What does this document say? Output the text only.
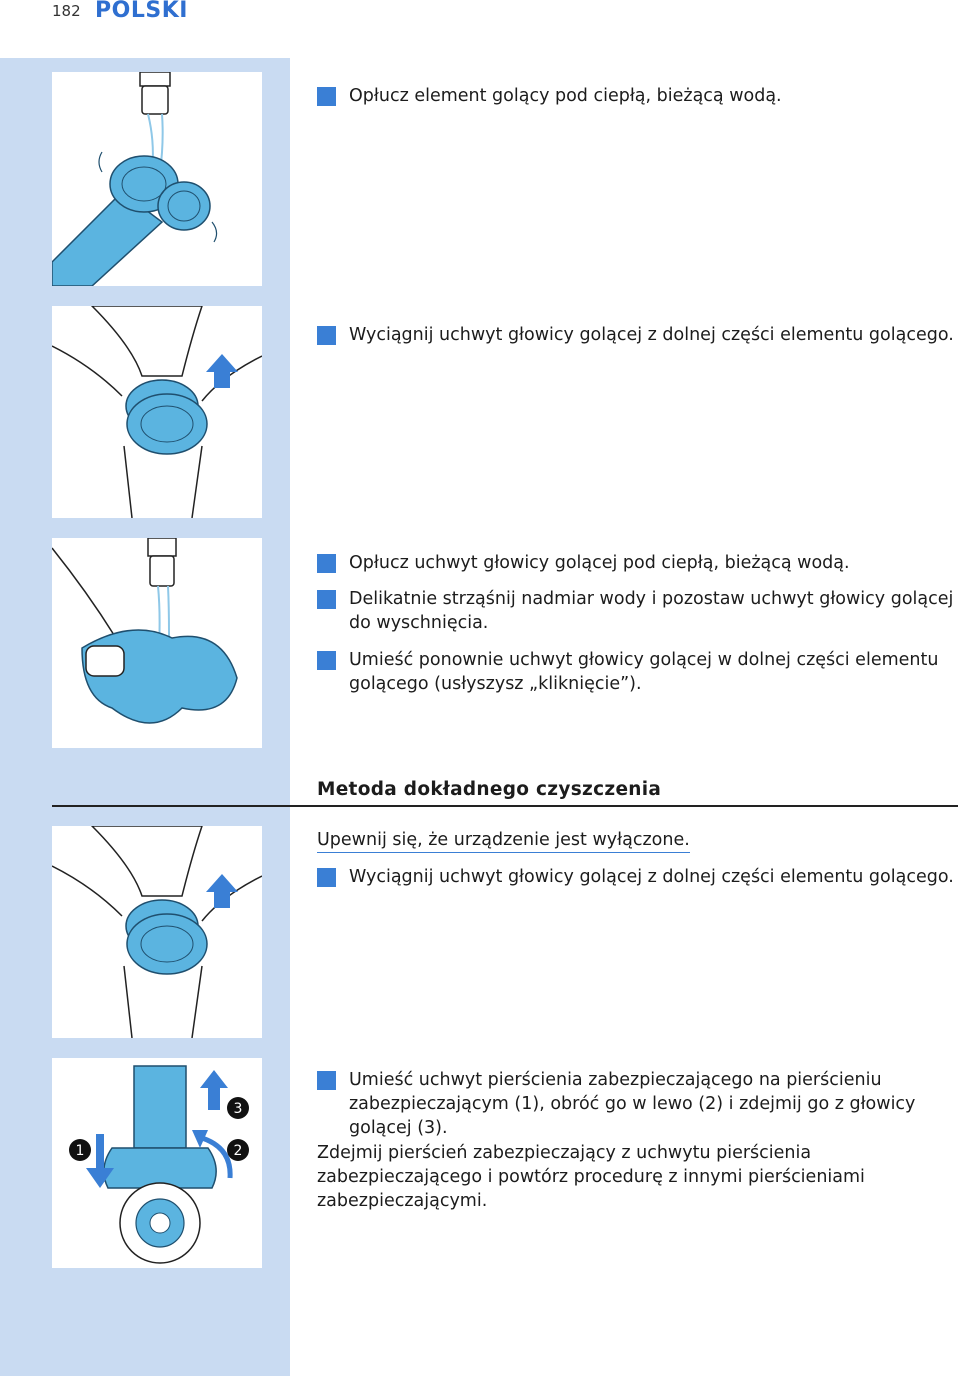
182 POLSKI
1	2
3
2 Opłucz element golący pod ciepłą, bieżącą wodą.
3 Wyciągnij uchwyt głowicy golącej z dolnej części elementu golącego.
4 Opłucz uchwyt głowicy golącej pod ciepłą, bieżącą wodą.
5 Delikatnie strząśnij nadmiar wody i pozostaw uchwyt głowicy golącej do wyschnięcia.
6 Umieść ponownie uchwyt głowicy golącej w dolnej części elementu golącego (usłyszysz „kliknięcie”).
Metoda dokładnego czyszczenia
Upewnij się, że urządzenie jest wyłączone.
1 Wyciągnij uchwyt głowicy golącej z dolnej części elementu golącego.
2 Umieść uchwyt pierścienia zabezpieczającego na pierścieniu zabezpieczającym (1), obróć go w lewo (2) i zdejmij go z głowicy golącej (3).
Zdejmij pierścień zabezpieczający z uchwytu pierścienia zabezpieczającego i powtórz procedurę z innymi pierścieniami zabezpieczającymi.
